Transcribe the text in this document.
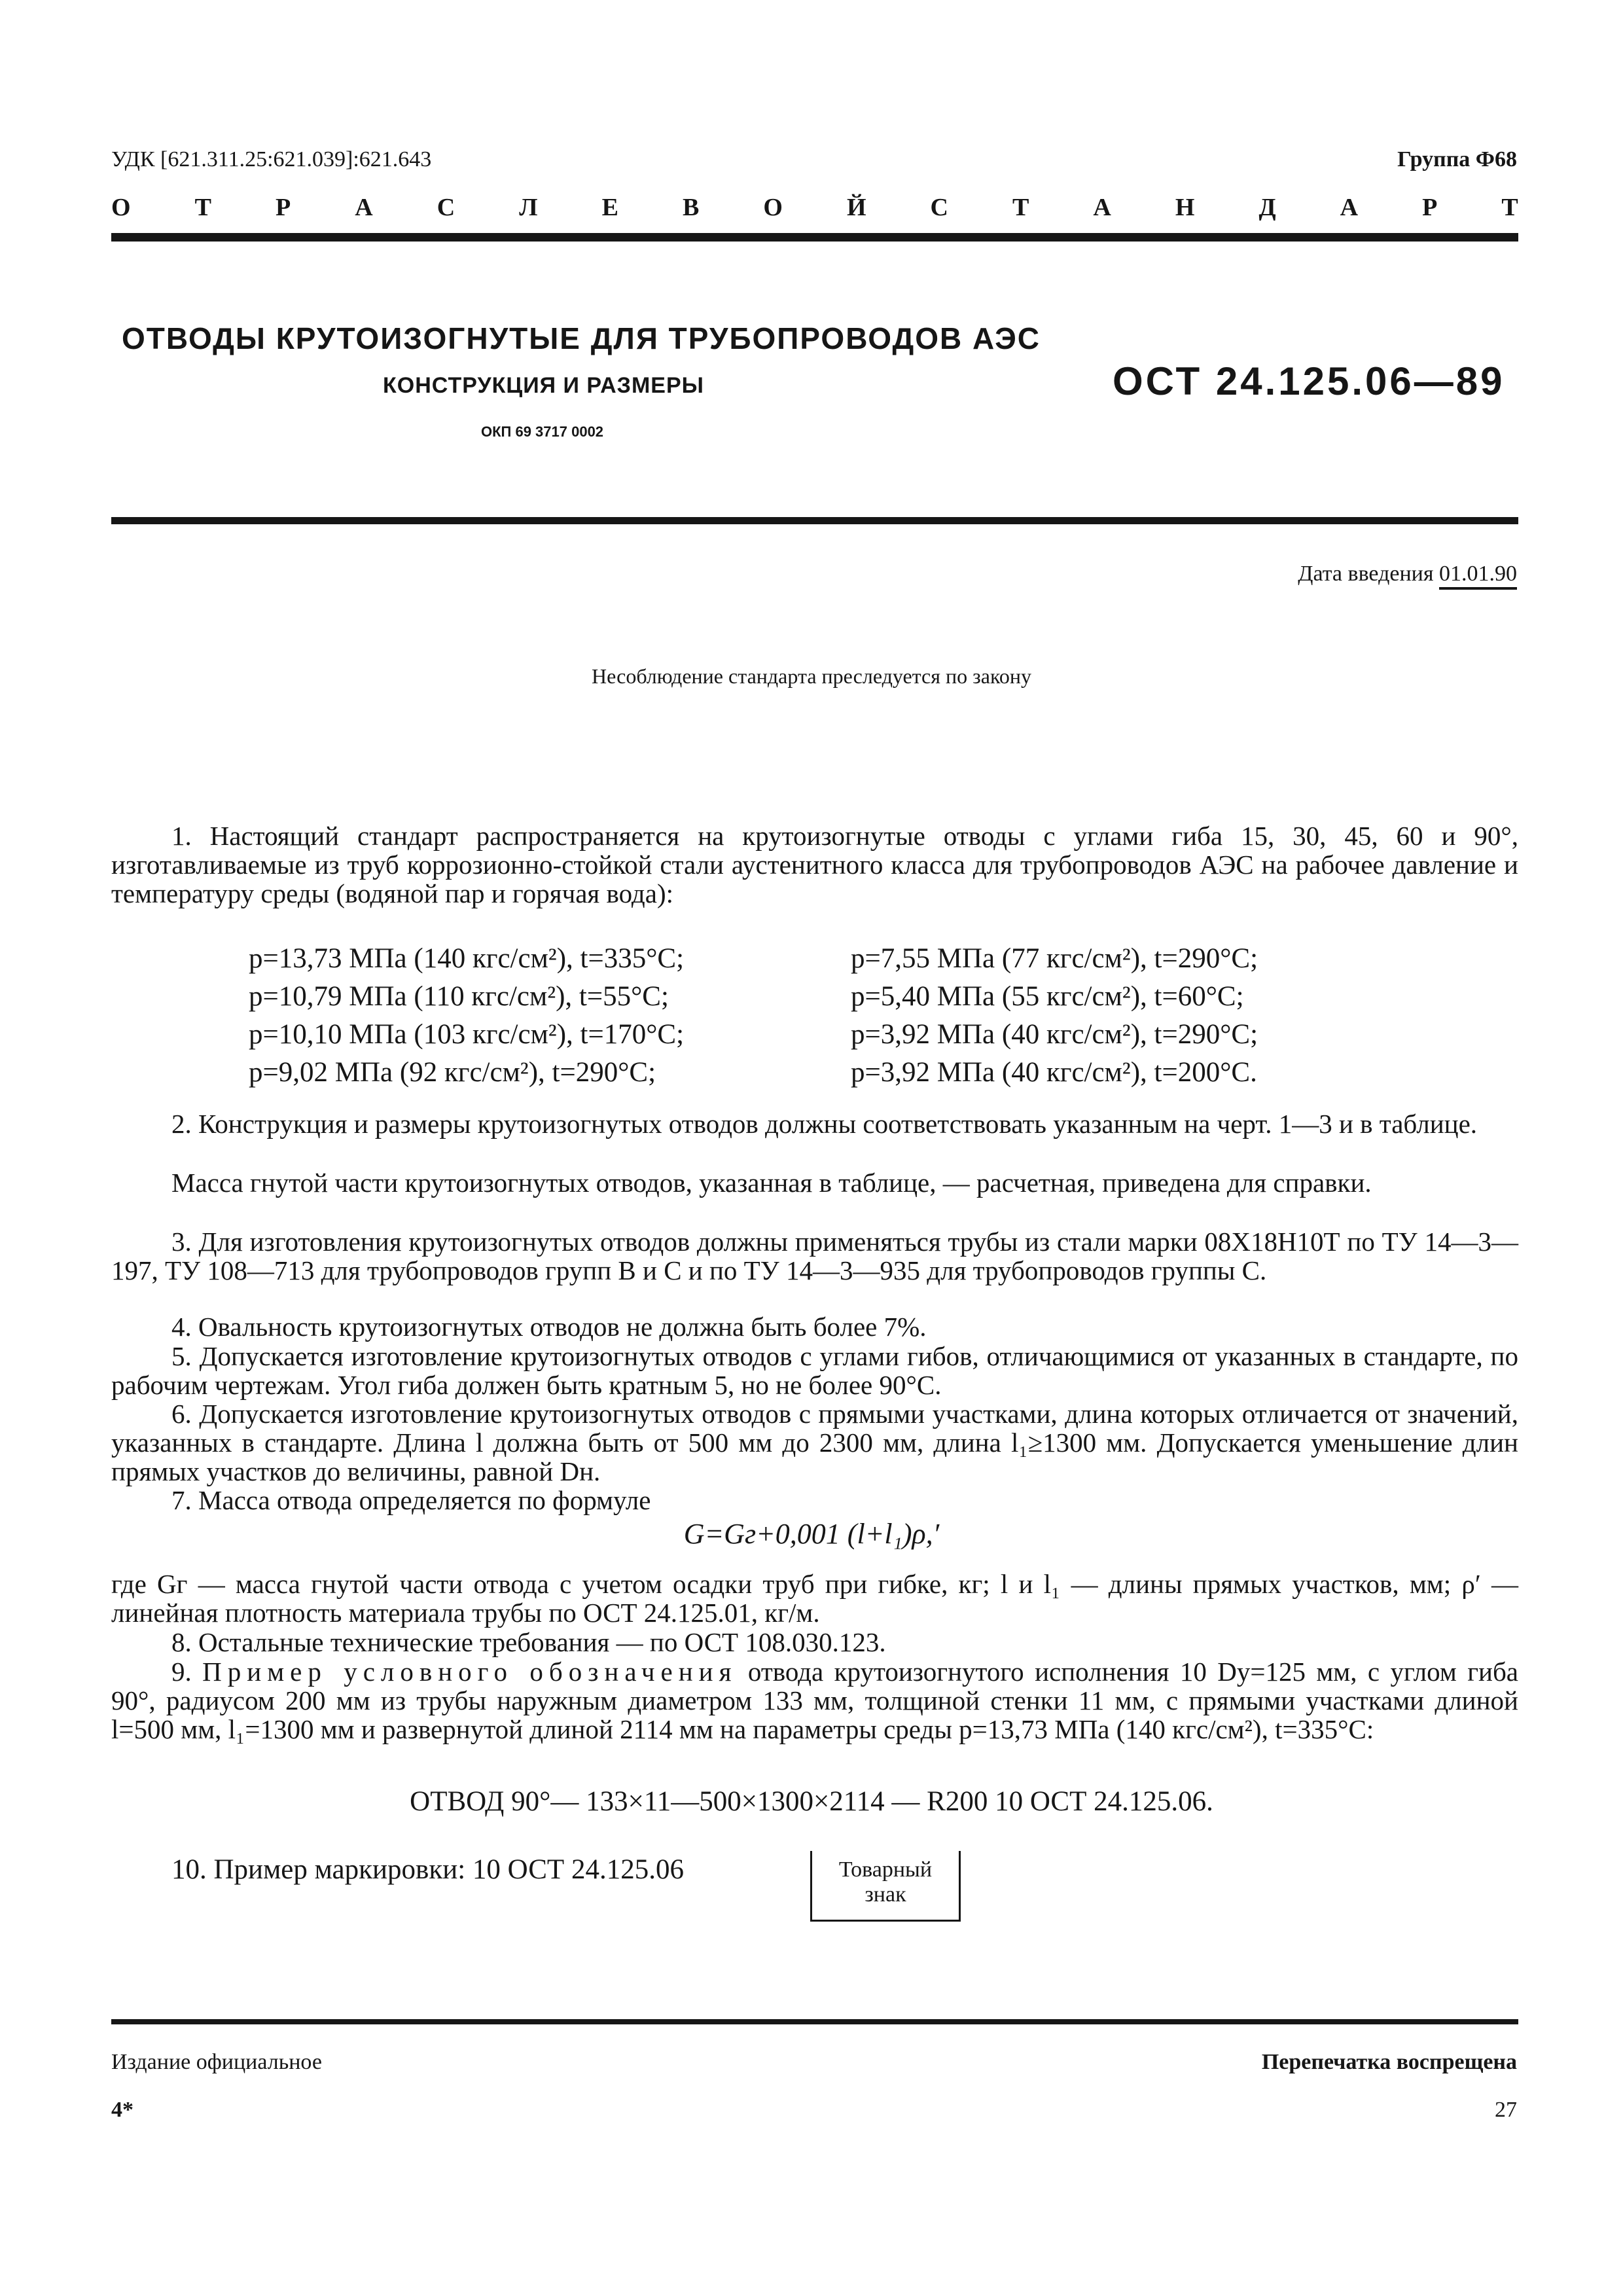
УДК [621.311.25:621.039]:621.643	Группа Ф68
О	Т	Р	А	С	Л	Е	В	О	Й	С	Т	А	Н	Д	А	Р	Т
ОТВОДЫ КРУТОИЗОГНУТЫЕ ДЛЯ ТРУБОПРОВОДОВ АЭС
КОНСТРУКЦИЯ И РАЗМЕРЫ
ОКП 69 3717 0002
ОСТ 24.125.06—89
Дата введения 01.01.90
Несоблюдение стандарта преследуется по закону

1. Настоящий стандарт распространяется на крутоизогнутые отводы с углами гиба 15, 30, 45, 60 и 90°, изготавливаемые из труб коррозионно-стойкой стали аустенитного класса для трубопроводов АЭС на рабочее давление и температуру среды (водяной пар и горячая вода):

p=13,73 МПа (140 кгс/см²), t=335°С;	p=7,55 МПа (77 кгс/см²), t=290°С;
p=10,79 МПа (110 кгс/см²), t=55°С;	p=5,40 МПа (55 кгс/см²), t=60°С;
p=10,10 МПа (103 кгс/см²), t=170°С;	p=3,92 МПа (40 кгс/см²), t=290°С;
p=9,02 МПа (92 кгс/см²), t=290°С;	p=3,92 МПа (40 кгс/см²), t=200°С.

2. Конструкция и размеры крутоизогнутых отводов должны соответствовать указанным на черт. 1—3 и в таблице.

Масса гнутой части крутоизогнутых отводов, указанная в таблице, — расчетная, приведена для справки.

3. Для изготовления крутоизогнутых отводов должны применяться трубы из стали марки 08Х18Н10Т по ТУ 14—3—197, ТУ 108—713 для трубопроводов групп В и С и по ТУ 14—3—935 для трубопроводов группы С.

4. Овальность крутоизогнутых отводов не должна быть более 7%.

5. Допускается изготовление крутоизогнутых отводов с углами гибов, отличающимися от указанных в стандарте, по рабочим чертежам. Угол гиба должен быть кратным 5, но не более 90°С.

6. Допускается изготовление крутоизогнутых отводов с прямыми участками, длина которых отличается от значений, указанных в стандарте. Длина l должна быть от 500 мм до 2300 мм, длина l₁≥1300 мм. Допускается уменьшение длин прямых участков до величины, равной Dн.

7. Масса отвода определяется по формуле

G=Gг+0,001 (l+l₁)ρ,′

где Gг — масса гнутой части отвода с учетом осадки труб при гибке, кг; l и l₁ — длины прямых участков, мм; ρ′ — линейная плотность материала трубы по ОСТ 24.125.01, кг/м.

8. Остальные технические требования — по ОСТ 108.030.123.

9. Пример условного обозначения отвода крутоизогнутого исполнения 10 Dу=125 мм, с углом гиба 90°, радиусом 200 мм из трубы наружным диаметром 133 мм, толщиной стенки 11 мм, с прямыми участками длиной l=500 мм, l₁=1300 мм и развернутой длиной 2114 мм на параметры среды p=13,73 МПа (140 кгс/см²), t=335°С:

ОТВОД 90°— 133×11—500×1300×2114 — R200 10 ОСТ 24.125.06.
10. Пример маркировки: 10 ОСТ 24.125.06	Товарный
знак
Издание официальное	Перепечатка воспрещена
4*	27
